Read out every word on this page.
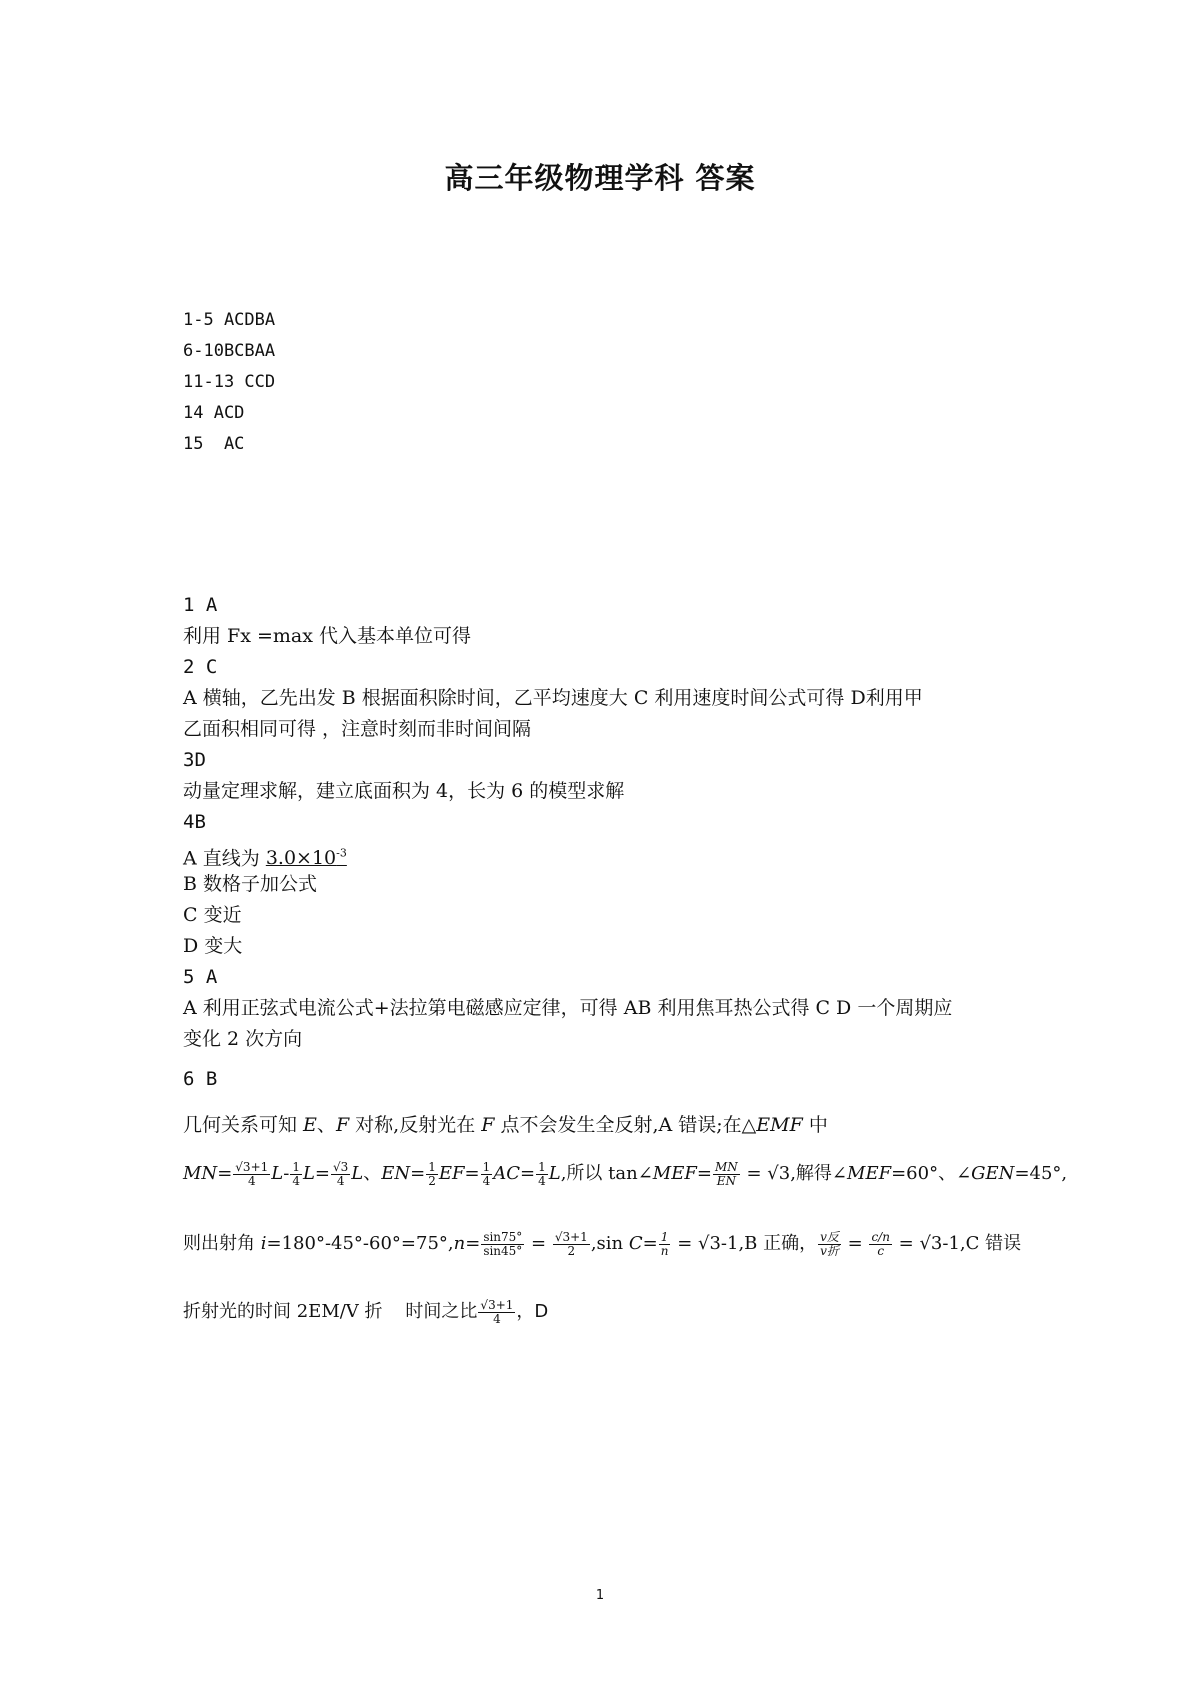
高三年级物理学科 答案
1-5 ACDBA
6-10BCBAA
11-13 CCD
14 ACD
15  AC
1 A
利用 Fx =max 代入基本单位可得
2 C
A 横轴，乙先出发 B 根据面积除时间，乙平均速度大 C 利用速度时间公式可得 D利用甲
乙面积相同可得 ，注意时刻而非时间间隔
3D
动量定理求解，建立底面积为 4，长为 6 的模型求解
4B
A 直线为 $3.0\times 10^{-3}$
B 数格子加公式
C 变近
D 变大
5 A
A 利用正弦式电流公式+法拉第电磁感应定律，可得 AB 利用焦耳热公式得 C D 一个周期应
变化 2 次方向
6 B
几何关系可知 E、F 对称,反射光在 F 点不会发生全反射,A 错误;在△EMF 中
$MN= \frac{√3+1}{4} L- \frac{1}{4} L= \frac{√3}{4}$ L、$EN= \frac{1}{2} EF= \frac{1}{4} AC= \frac{1}{4} L$,所以 tan∠MEF= $\frac{MN}{EN} = √3$,解得∠MEF=60°、∠GEN=45°,
则出射角 $i=180^\circ-45^\circ-60^\circ=75^\circ,n= \frac{\sin 75^\circ}{\sin 45^\circ} = \frac{√3+1}{2} ,\sin$ $C= \frac{1}{n} = √3-1,B$ 正确， $\frac{\text{v反}}{\text{v折}} = \frac{c/n}{c} = √3-1,C$ 错误
折射光的时间 2EM/V 折    时间之比 $\frac{√3+1}{4}$ ，D
1
